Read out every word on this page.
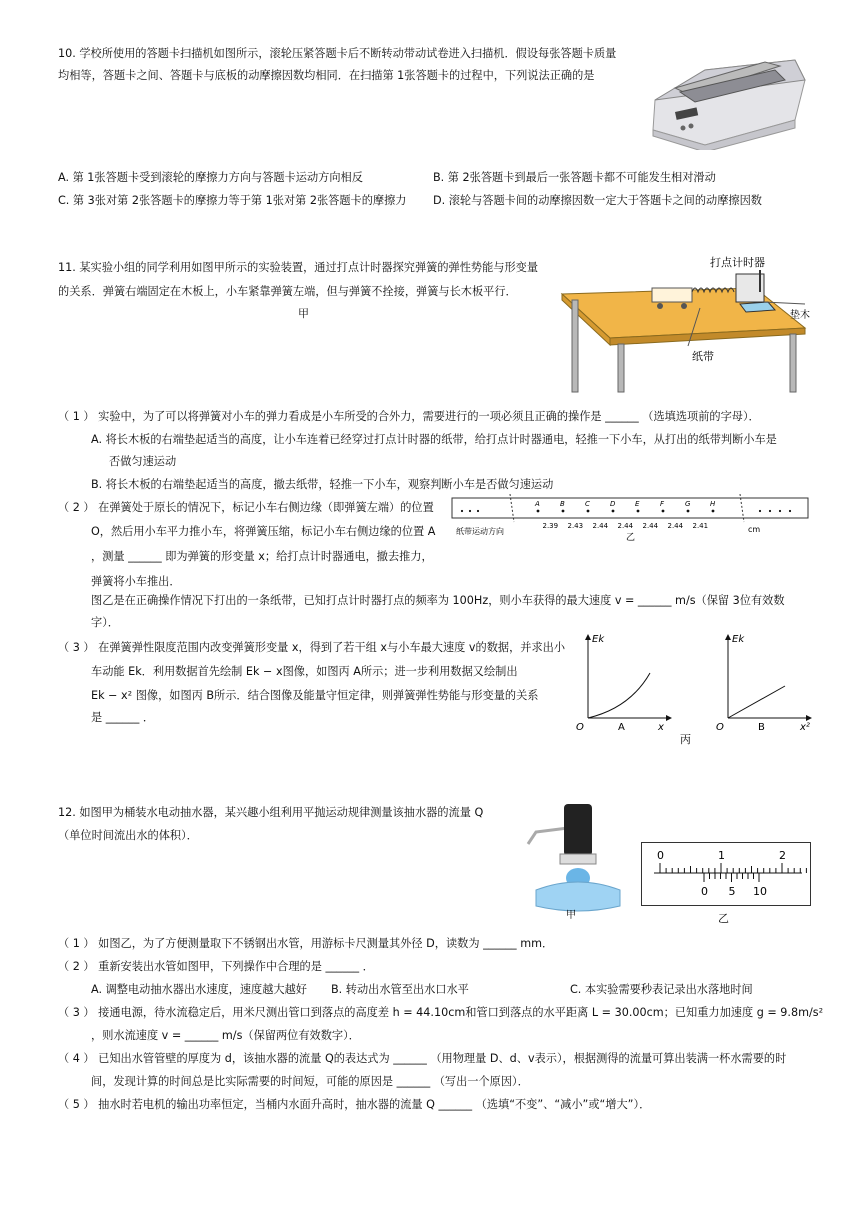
10. 学校所使用的答题卡扫描机如图所示，滚轮压紧答题卡后不断转动带动试卷进入扫描机．假设每张答题卡质量
均相等，答题卡之间、答题卡与底板的动摩擦因数均相同．在扫描第 1张答题卡的过程中，下列说法正确的是
A. 第 1张答题卡受到滚轮的摩擦力方向与答题卡运动方向相反	B. 第 2张答题卡到最后一张答题卡都不可能发生相对滑动
C. 第 3张对第 2张答题卡的摩擦力等于第 1张对第 2张答题卡的摩擦力 D. 滚轮与答题卡间的动摩擦因数一定大于答题卡之间的动摩擦因数
11. 某实验小组的同学利用如图甲所示的实验装置，通过打点计时器探究弹簧的弹性势能与形变量
的关系．弹簧右端固定在木板上，小车紧靠弹簧左端，但与弹簧不拴接，弹簧与长木板平行．
甲
打点计时器
垫木
纸带
（ 1 ） 实验中，为了可以将弹簧对小车的弹力看成是小车所受的合外力，需要进行的一项必须且正确的操作是 ______ （选填选项前的字母）．
A. 将长木板的右端垫起适当的高度，让小车连着已经穿过打点计时器的纸带，给打点计时器通电，轻推一下小车，从打出的纸带判断小车是
否做匀速运动
B. 将长木板的右端垫起适当的高度，撤去纸带，轻推一下小车，观察判断小车是否做匀速运动
（ 2 ） 在弹簧处于原长的情况下，标记小车右侧边缘（即弹簧左端）的位置
O，然后用小车平力推小车，将弹簧压缩，标记小车右侧边缘的位置 A
，测量 ______ 即为弹簧的形变量 x；给打点计时器通电，撤去推力，
弹簧将小车推出．
图乙是在正确操作情况下打出的一条纸带，已知打点计时器打点的频率为 100Hz，则小车获得的最大速度 v = ______ m/s（保留 3位有效数
字）．
A	B	C	D	E	F	G	H
2.39 2.43 2.44 2.44 2.44 2.44 2.41
纸带运动方向	cm
乙
（ 3 ） 在弹簧弹性限度范围内改变弹簧形变量 x，得到了若干组 x与小车最大速度 v的数据，并求出小
车动能 Ek．利用数据首先绘制 Ek − x图像，如图丙 A所示；进一步利用数据又绘制出
Ek − x² 图像，如图丙 B所示．结合图像及能量守恒定律，则弹簧弹性势能与形变量的关系
是 ______ ．
O
Ek
x
A	O
Ek
x²
B
丙
12. 如图甲为桶装水电动抽水器，某兴趣小组利用平抛运动规律测量该抽水器的流量 Q
（单位时间流出水的体积）．
甲
0	1	2
0 5 10
乙
（ 1 ） 如图乙，为了方便测量取下不锈钢出水管，用游标卡尺测量其外径 D，读数为 ______ mm．
（ 2 ） 重新安装出水管如图甲，下列操作中合理的是 ______ ．
A. 调整电动抽水器出水速度，速度越大越好 B. 转动出水管至出水口水平	C. 本实验需要秒表记录出水落地时间
（ 3 ） 接通电源，待水流稳定后，用米尺测出管口到落点的高度差 h = 44.10cm和管口到落点的水平距离 L = 30.00cm；已知重力加速度 g = 9.8m/s²
，则水流速度 v = ______ m/s（保留两位有效数字）．
（ 4 ） 已知出水管管壁的厚度为 d，该抽水器的流量 Q的表达式为 ______ （用物理量 D、d、v表示），根据测得的流量可算出装满一杯水需要的时
间，发现计算的时间总是比实际需要的时间短，可能的原因是 ______ （写出一个原因）．
（ 5 ） 抽水时若电机的输出功率恒定，当桶内水面升高时，抽水器的流量 Q ______ （选填“不变”、“减小”或“增大”）．
